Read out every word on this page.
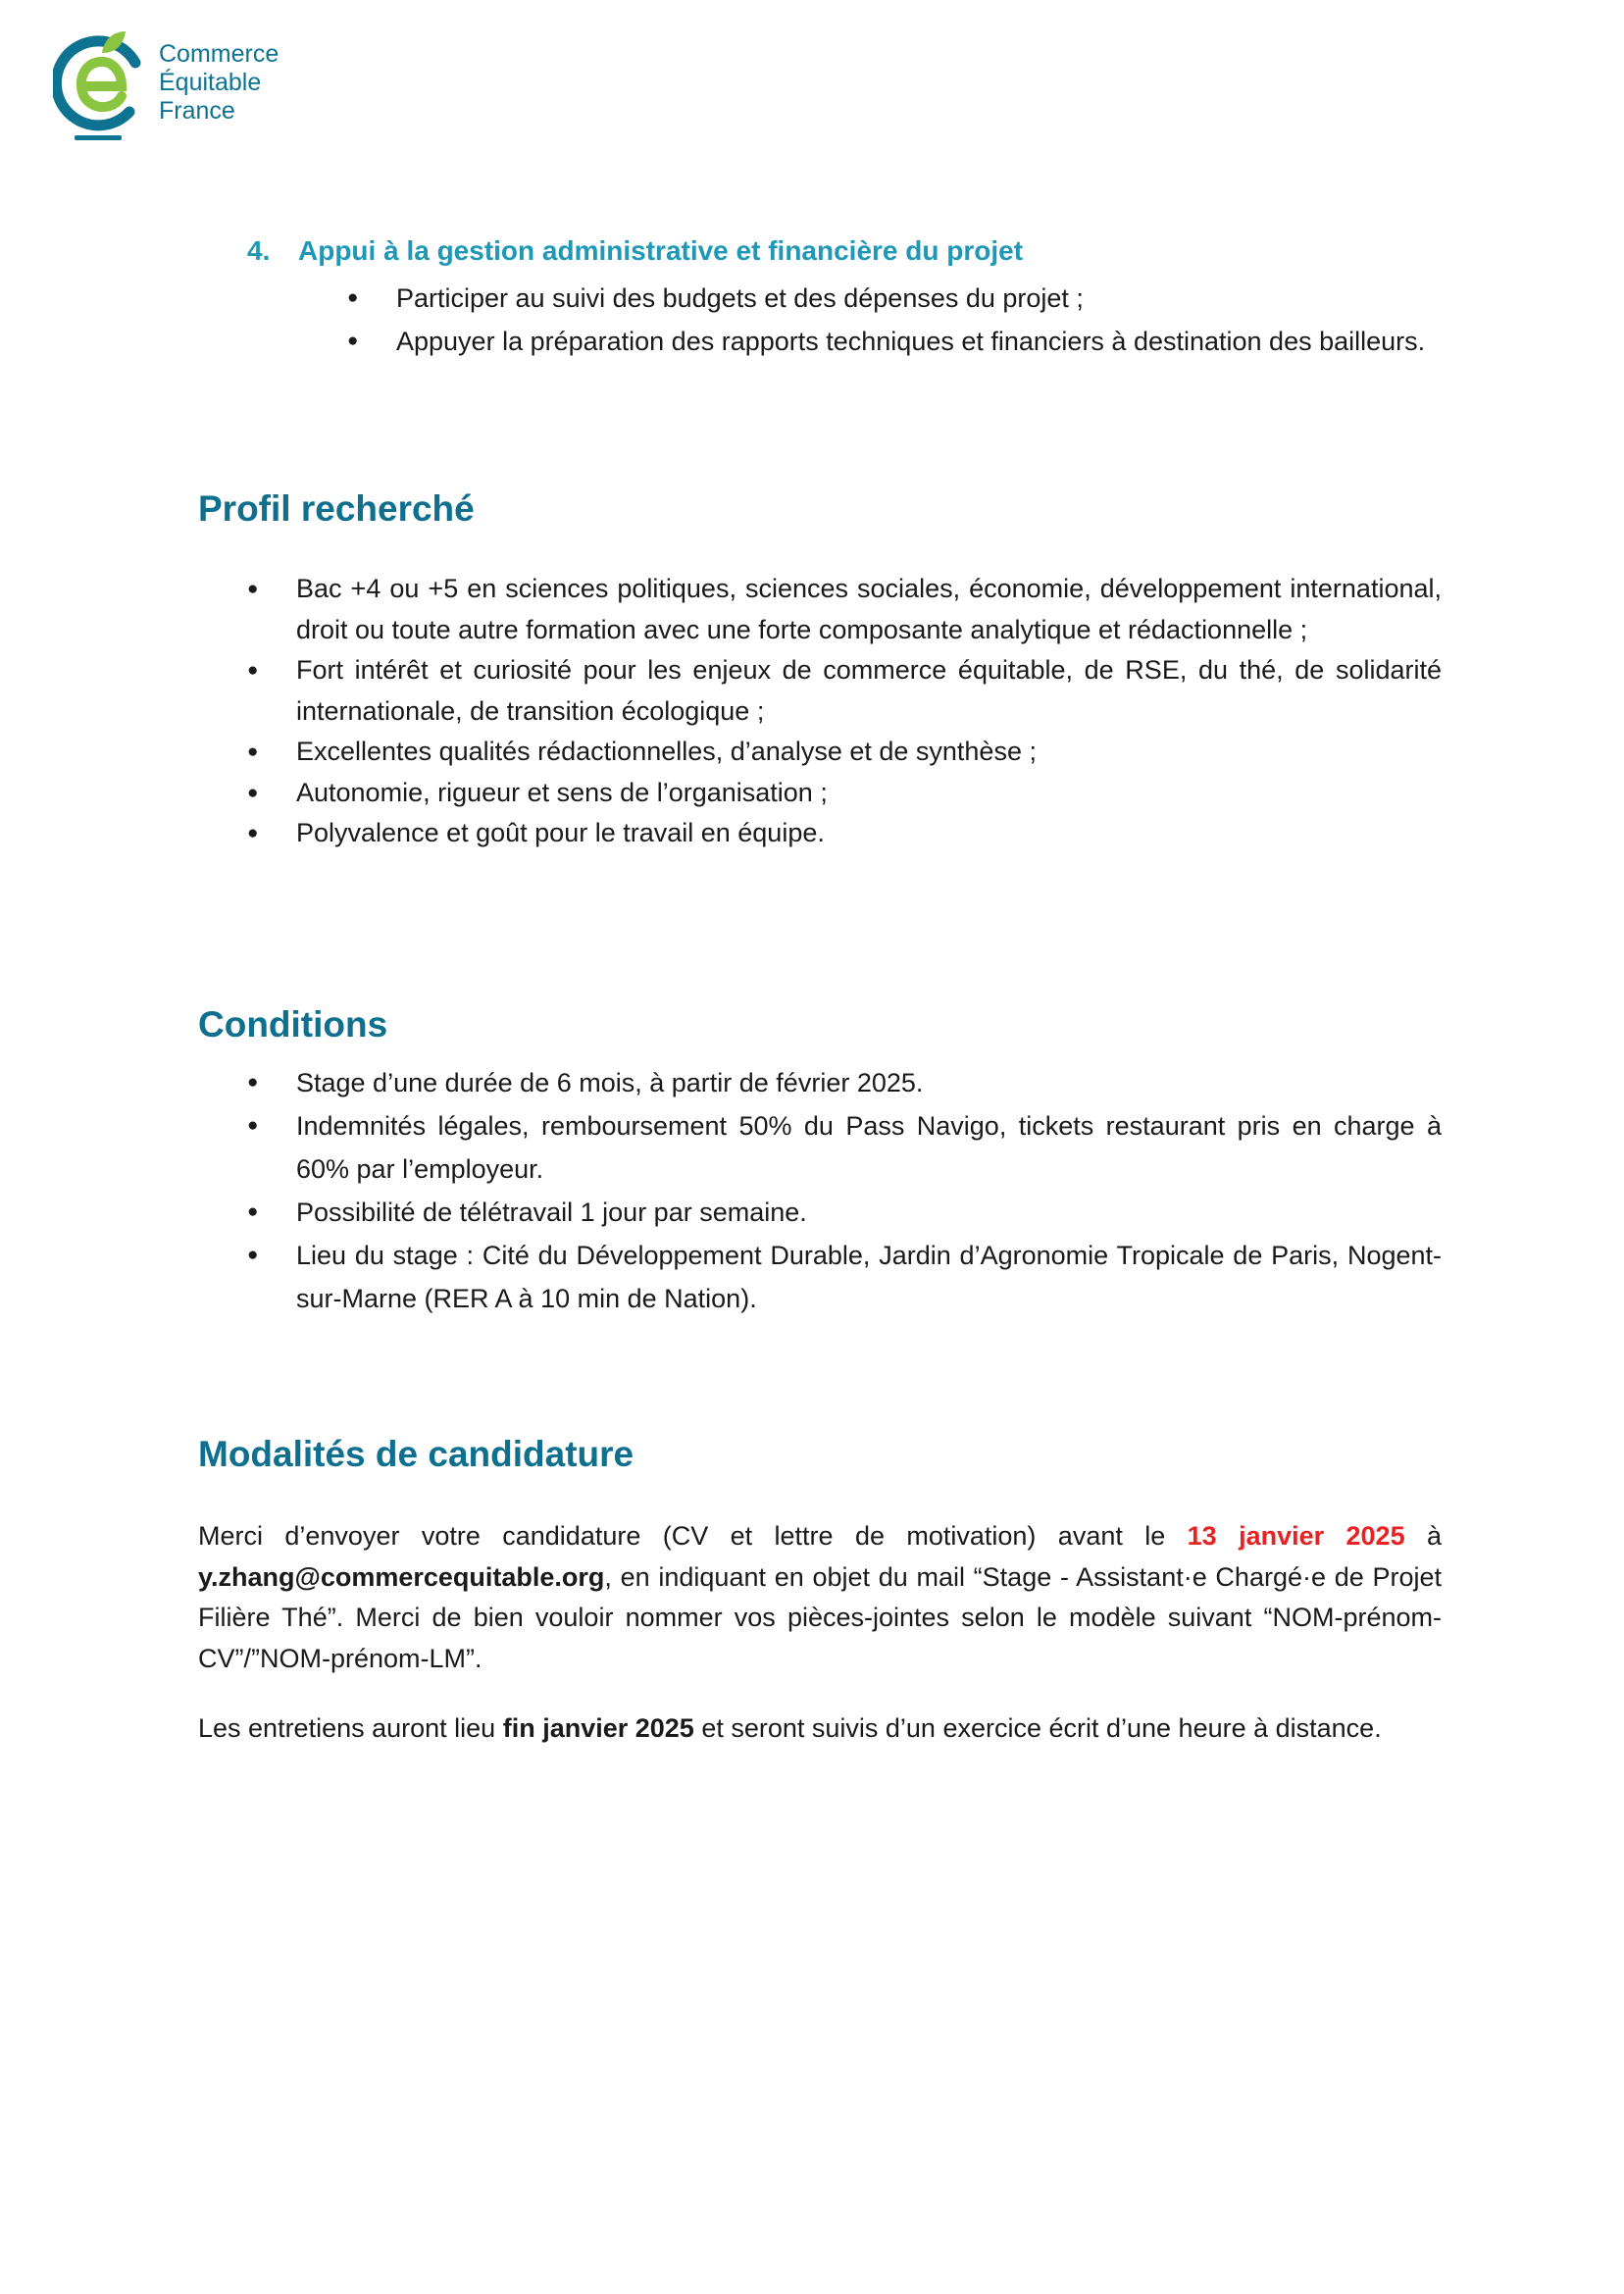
Commerce
Équitable
France
4. Appui à la gestion administrative et financière du projet
● Participer au suivi des budgets et des dépenses du projet ;
● Appuyer la préparation des rapports techniques et financiers à destination des bailleurs.
Profil recherché
● Bac +4 ou +5 en sciences politiques, sciences sociales, économie, développement international, droit ou toute autre formation avec une forte composante analytique et rédactionnelle ;
● Fort intérêt et curiosité pour les enjeux de commerce équitable, de RSE, du thé, de solidarité internationale, de transition écologique ;
● Excellentes qualités rédactionnelles, d’analyse et de synthèse ;
● Autonomie, rigueur et sens de l’organisation ;
● Polyvalence et goût pour le travail en équipe.
Conditions
● Stage d’une durée de 6 mois, à partir de février 2025.
● Indemnités légales, remboursement 50% du Pass Navigo, tickets restaurant pris en charge à 60% par l’employeur.
● Possibilité de télétravail 1 jour par semaine.
● Lieu du stage : Cité du Développement Durable, Jardin d’Agronomie Tropicale de Paris, Nogent-sur-Marne (RER A à 10 min de Nation).
Modalités de candidature

Merci d’envoyer votre candidature (CV et lettre de motivation) avant le 13 janvier 2025 à y.zhang@commercequitable.org, en indiquant en objet du mail “Stage - Assistant·e Chargé·e de Projet Filière Thé”. Merci de bien vouloir nommer vos pièces-jointes selon le modèle suivant “NOM-prénom-CV”/”NOM-prénom-LM”.

Les entretiens auront lieu fin janvier 2025 et seront suivis d’un exercice écrit d’une heure à distance.
